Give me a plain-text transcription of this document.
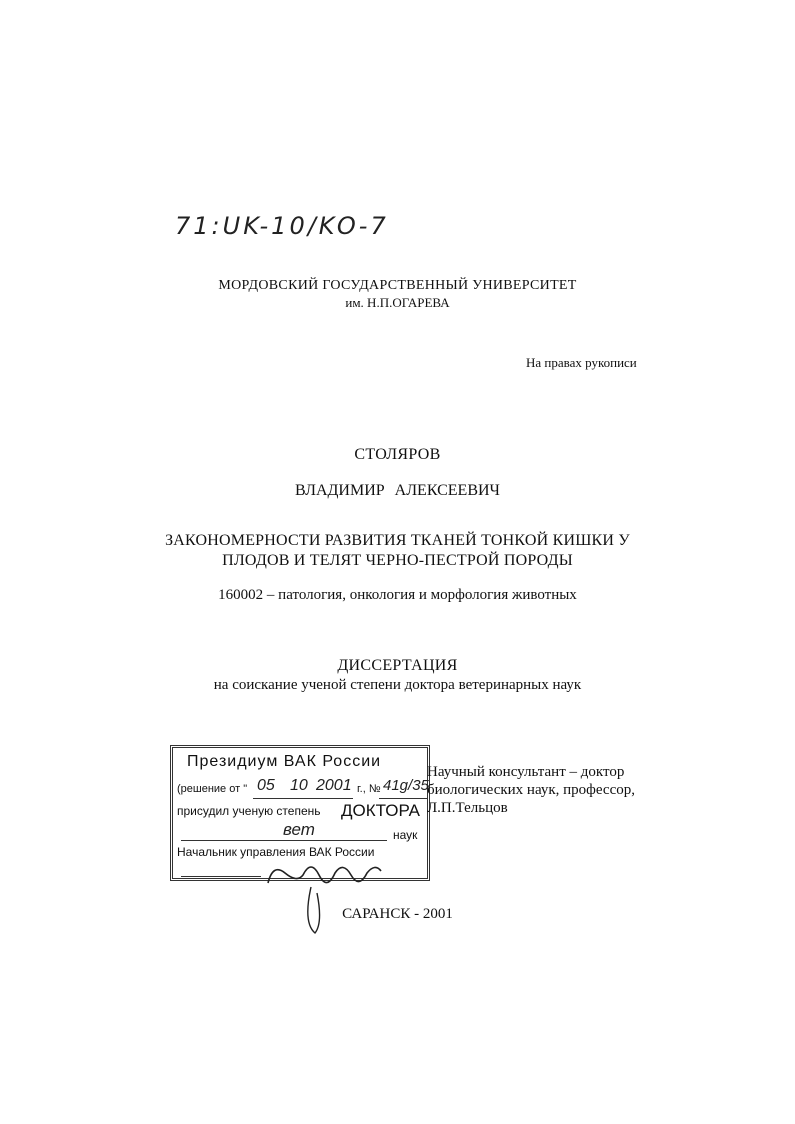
71:UK-10/KO-7
МОРДОВСКИЙ ГОСУДАРСТВЕННЫЙ УНИВЕРСИТЕТ
им. Н.П.ОГАРЕВА
На правах рукописи
СТОЛЯРОВ
ВЛАДИМИР АЛЕКСЕЕВИЧ
ЗАКОНОМЕРНОСТИ РАЗВИТИЯ ТКАНЕЙ ТОНКОЙ КИШКИ У
ПЛОДОВ И ТЕЛЯТ ЧЕРНО-ПЕСТРОЙ ПОРОДЫ
160002 – патология, онкология и морфология животных
ДИССЕРТАЦИЯ
на соискание ученой степени доктора ветеринарных наук
Президиум ВАК России
(решение от " 05 10 2001 г., № 41g/35
присудил ученую степень ДОКТОРА
вет	наук
Начальник управления ВАК России
Научный консультант – доктор
биологических наук, профессор,
Л.П.Тельцов
САРАНСК - 2001
